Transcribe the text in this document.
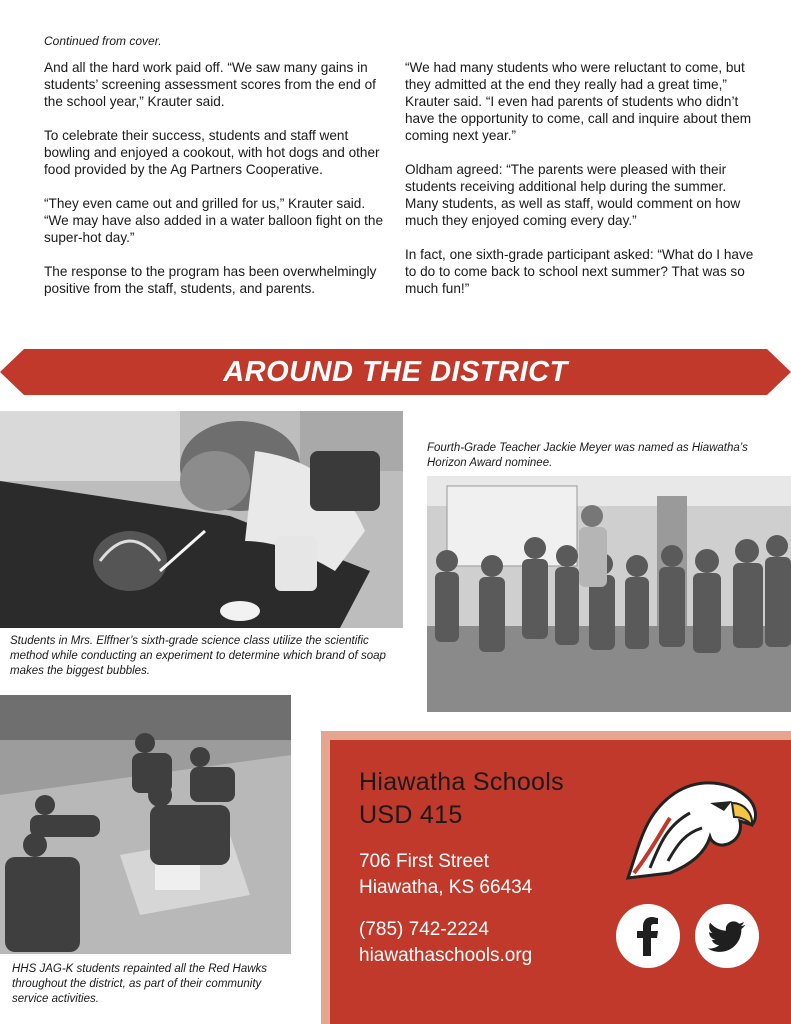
Continued from cover.

And all the hard work paid off. “We saw many gains in students’ screening assessment scores from the end of the school year,” Krauter said.

To celebrate their success, students and staff went bowling and enjoyed a cookout, with hot dogs and other food provided by the Ag Partners Cooperative.

“They even came out and grilled for us,” Krauter said. “We may have also added in a water balloon fight on the super-hot day.”

The response to the program has been overwhelmingly positive from the staff, students, and parents.

“We had many students who were reluctant to come, but they admitted at the end they really had a great time,” Krauter said. “I even had parents of students who didn’t have the opportunity to come, call and inquire about them coming next year.”

Oldham agreed: “The parents were pleased with their students receiving additional help during the summer. Many students, as well as staff, would comment on how much they enjoyed coming every day.”

In fact, one sixth-grade participant asked: “What do I have to do to come back to school next summer? That was so much fun!”

AROUND THE DISTRICT
Students in Mrs. Elffner’s sixth-grade science class utilize the scientific method while conducting an experiment to determine which brand of soap makes the biggest bubbles.
Fourth-Grade Teacher Jackie Meyer was named as Hiawatha’s Horizon Award nominee.
HHS JAG-K students repainted all the Red Hawks throughout the district, as part of their community service activities.
Hiawatha Schools
USD 415
706 First Street
Hiawatha, KS 66434
(785) 742-2224
hiawathaschools.org
